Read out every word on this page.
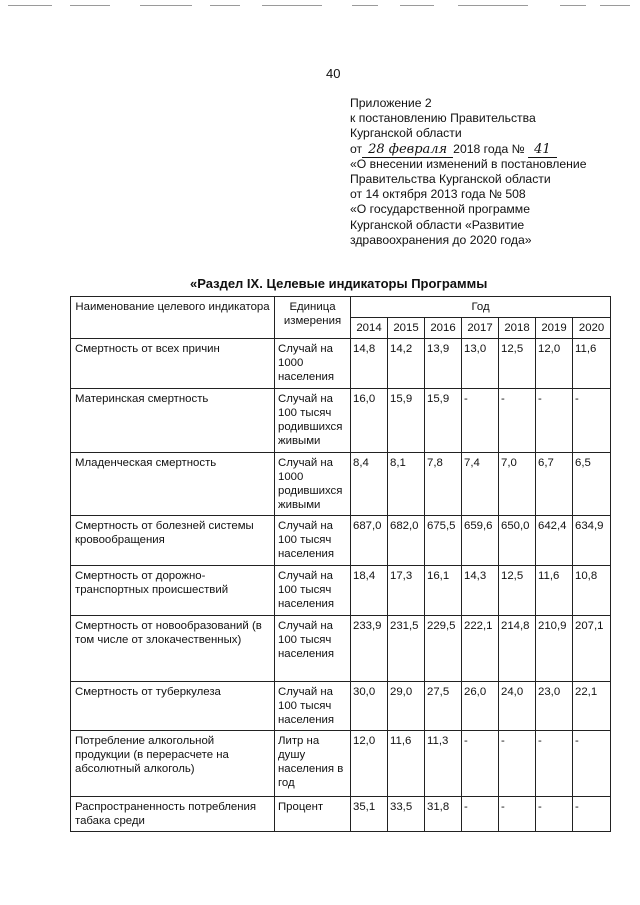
40
Приложение 2
к постановлению Правительства
Курганской области
от 28 февраля 2018 года № 41
«О внесении изменений в постановление
Правительства Курганской области
от 14 октября 2013 года № 508
«О государственной программе
Курганской области «Развитие
здравоохранения до 2020 года»
«Раздел IX. Целевые индикаторы Программы
Наименование целевого индикатора	Единица измерения	Год						
		2014	2015	2016	2017	2018	2019	2020
Смертность от всех причин	Случай на 1000 населения	14,8	14,2	13,9	13,0	12,5	12,0	11,6
Материнская смертность	Случай на 100 тысяч родившихся живыми	16,0	15,9	15,9	-	-	-	-
Младенческая смертность	Случай на 1000 родившихся живыми	8,4	8,1	7,8	7,4	7,0	6,7	6,5
Смертность от болезней системы кровообращения	Случай на 100 тысяч населения	687,0	682,0	675,5	659,6	650,0	642,4	634,9
Смертность от дорожно-транспортных происшествий	Случай на 100 тысяч населения	18,4	17,3	16,1	14,3	12,5	11,6	10,8
Смертность от новообразований (в том числе от злокачественных)	Случай на 100 тысяч населения	233,9	231,5	229,5	222,1	214,8	210,9	207,1
Смертность от туберкулеза	Случай на 100 тысяч населения	30,0	29,0	27,5	26,0	24,0	23,0	22,1
Потребление алкогольной продукции (в перерасчете на абсолютный алкоголь)	Литр на душу населения в год	12,0	11,6	11,3	-	-	-	-
Распространенность потребления табака среди	Процент	35,1	33,5	31,8	-	-	-	-
